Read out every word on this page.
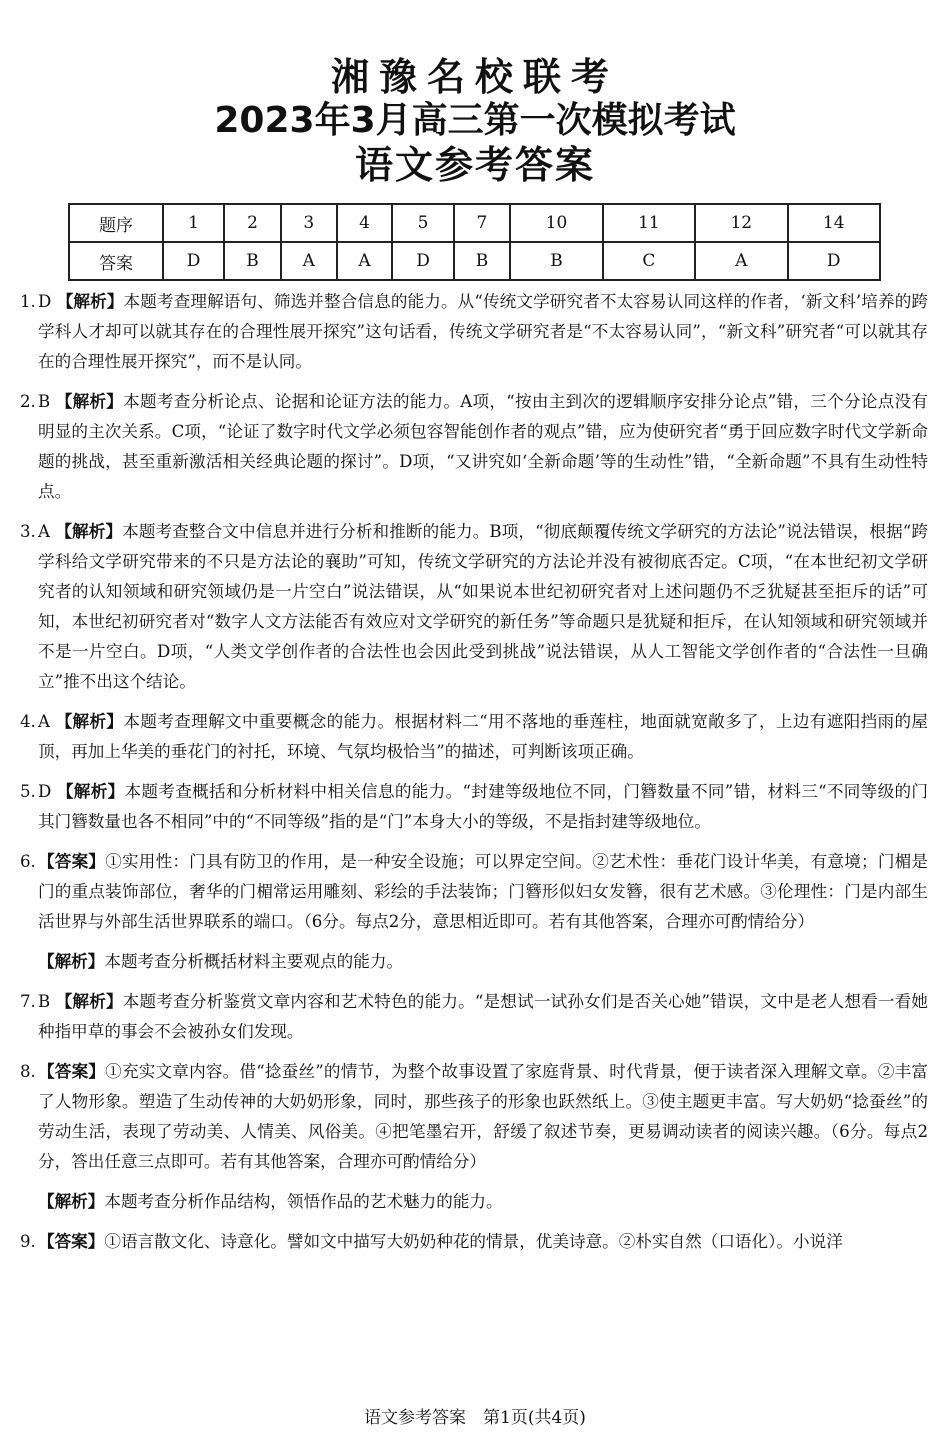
湘豫名校联考
2023年3月高三第一次模拟考试
语文参考答案
题序	1	2	3	4	5	7	10	11	12	14
答案	D	B	A	A	D	B	B	C	A	D
1. D 【解析】本题考查理解语句、筛选并整合信息的能力。从“传统文学研究者不太容易认同这样的作者，‘新文科’培养的跨学科人才却可以就其存在的合理性展开探究”这句话看，传统文学研究者是“不太容易认同”，“新文科”研究者“可以就其存在的合理性展开探究”，而不是认同。
2. B 【解析】本题考查分析论点、论据和论证方法的能力。A项，“按由主到次的逻辑顺序安排分论点”错，三个分论点没有明显的主次关系。C项，“论证了数字时代文学必须包容智能创作者的观点”错，应为使研究者“勇于回应数字时代文学新命题的挑战，甚至重新激活相关经典论题的探讨”。D项，“又讲究如‘全新命题’等的生动性”错，“全新命题”不具有生动性特点。
3. A 【解析】本题考查整合文中信息并进行分析和推断的能力。B项，“彻底颠覆传统文学研究的方法论”说法错误，根据“跨学科给文学研究带来的不只是方法论的襄助”可知，传统文学研究的方法论并没有被彻底否定。C项，“在本世纪初文学研究者的认知领域和研究领域仍是一片空白”说法错误，从“如果说本世纪初研究者对上述问题仍不乏犹疑甚至拒斥的话”可知，本世纪初研究者对“数字人文方法能否有效应对文学研究的新任务”等命题只是犹疑和拒斥，在认知领域和研究领域并不是一片空白。D项，“人类文学创作者的合法性也会因此受到挑战”说法错误，从人工智能文学创作者的“合法性一旦确立”推不出这个结论。
4. A 【解析】本题考查理解文中重要概念的能力。根据材料二“用不落地的垂莲柱，地面就宽敞多了，上边有遮阳挡雨的屋顶，再加上华美的垂花门的衬托，环境、气氛均极恰当”的描述，可判断该项正确。
5. D 【解析】本题考查概括和分析材料中相关信息的能力。“封建等级地位不同，门簪数量不同”错，材料三“不同等级的门其门簪数量也各不相同”中的“不同等级”指的是“门”本身大小的等级，不是指封建等级地位。
6. 【答案】①实用性：门具有防卫的作用，是一种安全设施；可以界定空间。②艺术性：垂花门设计华美，有意境；门楣是门的重点装饰部位，奢华的门楣常运用雕刻、彩绘的手法装饰；门簪形似妇女发簪，很有艺术感。③伦理性：门是内部生活世界与外部生活世界联系的端口。（6分。每点2分，意思相近即可。若有其他答案，合理亦可酌情给分）
【解析】本题考查分析概括材料主要观点的能力。
7. B 【解析】本题考查分析鉴赏文章内容和艺术特色的能力。“是想试一试孙女们是否关心她”错误，文中是老人想看一看她种指甲草的事会不会被孙女们发现。
8. 【答案】①充实文章内容。借“捻蚕丝”的情节，为整个故事设置了家庭背景、时代背景，便于读者深入理解文章。②丰富了人物形象。塑造了生动传神的大奶奶形象，同时，那些孩子的形象也跃然纸上。③使主题更丰富。写大奶奶“捻蚕丝”的劳动生活，表现了劳动美、人情美、风俗美。④把笔墨宕开，舒缓了叙述节奏，更易调动读者的阅读兴趣。（6分。每点2分，答出任意三点即可。若有其他答案，合理亦可酌情给分）
【解析】本题考查分析作品结构，领悟作品的艺术魅力的能力。
9. 【答案】①语言散文化、诗意化。譬如文中描写大奶奶种花的情景，优美诗意。②朴实自然（口语化）。小说洋
语文参考答案　第1页(共4页)
